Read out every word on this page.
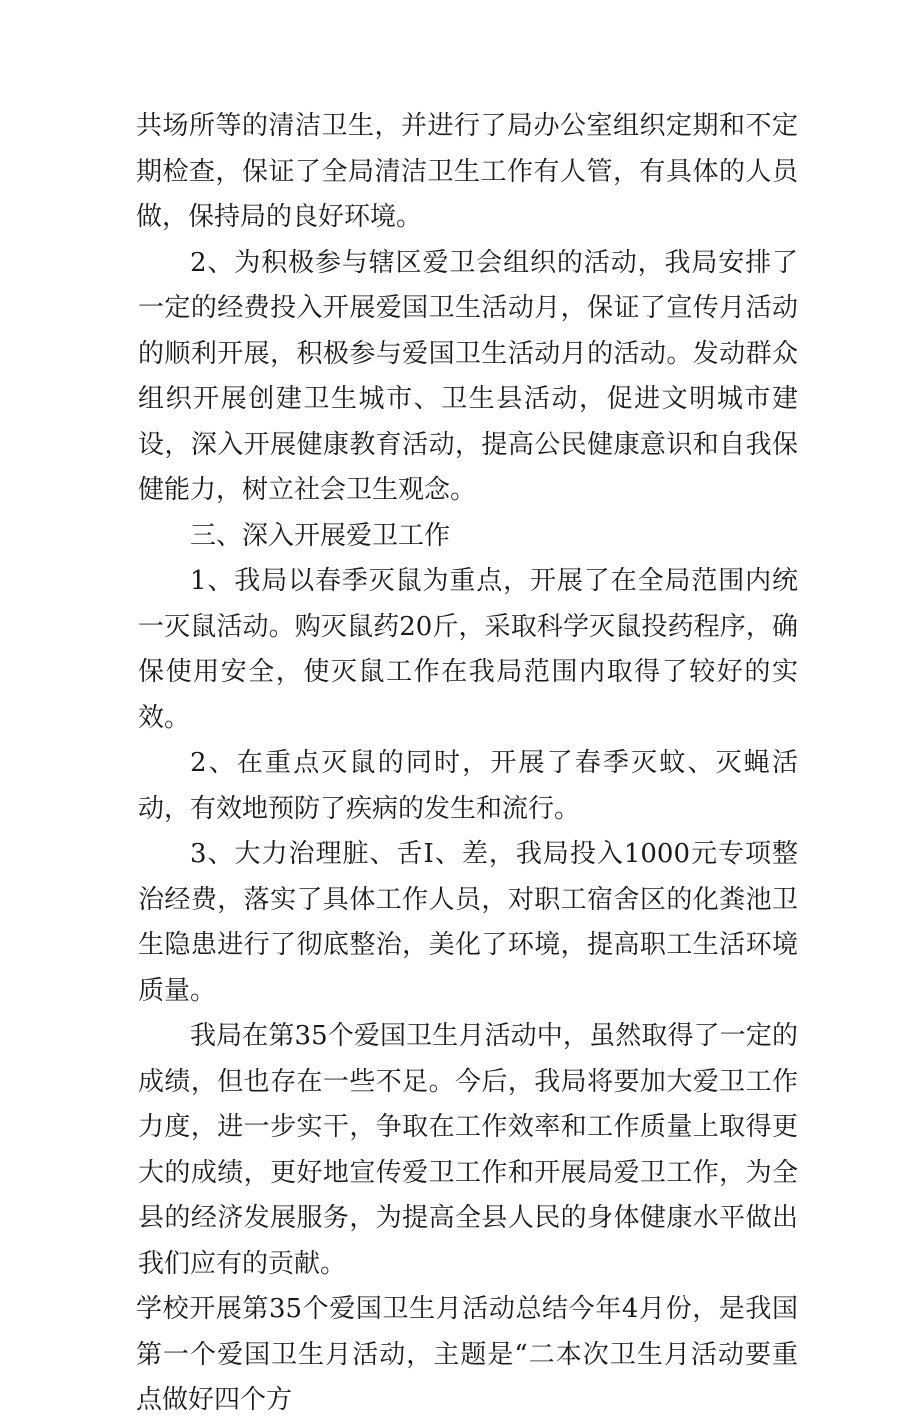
共场所等的清洁卫生，并进行了局办公室组织定期和不定期检查，保证了全局清洁卫生工作有人管，有具体的人员做，保持局的良好环境。

2、为积极参与辖区爱卫会组织的活动，我局安排了一定的经费投入开展爱国卫生活动月，保证了宣传月活动的顺利开展，积极参与爱国卫生活动月的活动。发动群众组织开展创建卫生城市、卫生县活动，促进文明城市建设，深入开展健康教育活动，提高公民健康意识和自我保健能力，树立社会卫生观念。

三、深入开展爱卫工作

1、我局以春季灭鼠为重点，开展了在全局范围内统一灭鼠活动。购灭鼠药20斤，采取科学灭鼠投药程序，确保使用安全，使灭鼠工作在我局范围内取得了较好的实效。

2、在重点灭鼠的同时，开展了春季灭蚊、灭蝇活动，有效地预防了疾病的发生和流行。

3、大力治理脏、舌I、差，我局投入1000元专项整治经费，落实了具体工作人员，对职工宿舍区的化粪池卫生隐患进行了彻底整治，美化了环境，提高职工生活环境质量。

我局在第35个爱国卫生月活动中，虽然取得了一定的成绩，但也存在一些不足。今后，我局将要加大爱卫工作力度，进一步实干，争取在工作效率和工作质量上取得更大的成绩，更好地宣传爱卫工作和开展局爱卫工作，为全县的经济发展服务，为提高全县人民的身体健康水平做出我们应有的贡献。

学校开展第35个爱国卫生月活动总结今年4月份，是我国第一个爱国卫生月活动，主题是“二本次卫生月活动要重点做好四个方
